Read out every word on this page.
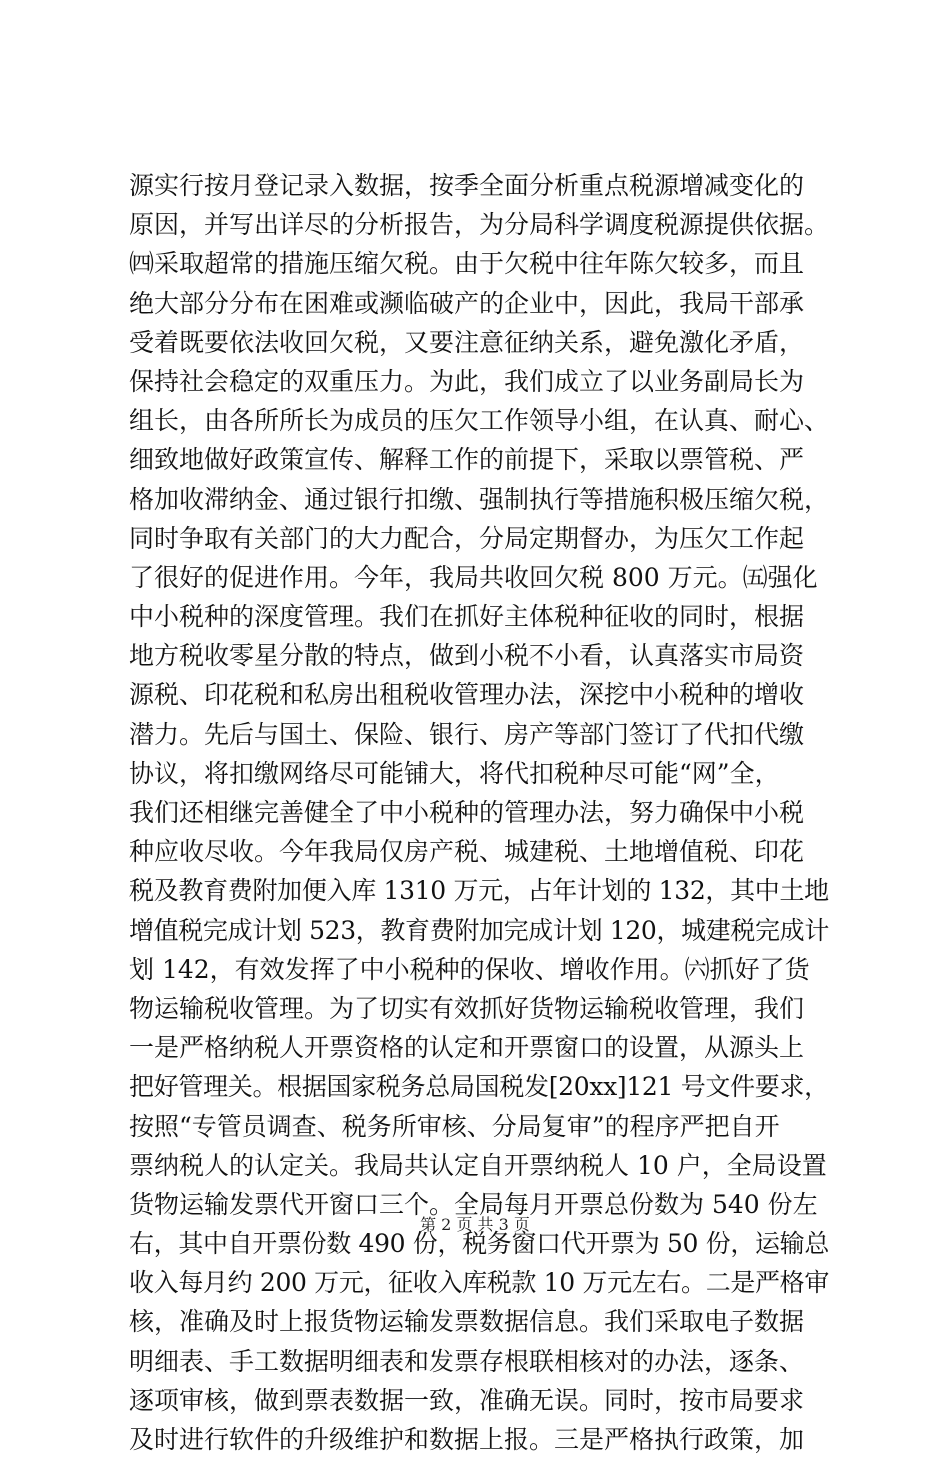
源实行按月登记录入数据，按季全面分析重点税源增减变化的
原因，并写出详尽的分析报告，为分局科学调度税源提供依据。
㈣采取超常的措施压缩欠税。由于欠税中往年陈欠较多，而且
绝大部分分布在困难或濒临破产的企业中，因此，我局干部承
受着既要依法收回欠税，又要注意征纳关系，避免激化矛盾，
保持社会稳定的双重压力。为此，我们成立了以业务副局长为
组长，由各所所长为成员的压欠工作领导小组，在认真、耐心、
细致地做好政策宣传、解释工作的前提下，采取以票管税、严
格加收滞纳金、通过银行扣缴、强制执行等措施积极压缩欠税，
同时争取有关部门的大力配合，分局定期督办，为压欠工作起
了很好的促进作用。今年，我局共收回欠税 800 万元。㈤强化
中小税种的深度管理。我们在抓好主体税种征收的同时，根据
地方税收零星分散的特点，做到小税不小看，认真落实市局资
源税、印花税和私房出租税收管理办法，深挖中小税种的增收
潜力。先后与国土、保险、银行、房产等部门签订了代扣代缴
协议，将扣缴网络尽可能铺大，将代扣税种尽可能“网”全，
我们还相继完善健全了中小税种的管理办法，努力确保中小税
种应收尽收。今年我局仅房产税、城建税、土地增值税、印花
税及教育费附加便入库 1310 万元，占年计划的 132，其中土地
增值税完成计划 523，教育费附加完成计划 120，城建税完成计
划 142，有效发挥了中小税种的保收、增收作用。㈥抓好了货
物运输税收管理。为了切实有效抓好货物运输税收管理，我们
一是严格纳税人开票资格的认定和开票窗口的设置，从源头上
把好管理关。根据国家税务总局国税发[20xx]121 号文件要求，
按照“专管员调查、税务所审核、分局复审”的程序严把自开
票纳税人的认定关。我局共认定自开票纳税人 10 户，全局设置
货物运输发票代开窗口三个。全局每月开票总份数为 540 份左
右，其中自开票份数 490 份，税务窗口代开票为 50 份，运输总
收入每月约 200 万元，征收入库税款 10 万元左右。二是严格审
核，准确及时上报货物运输发票数据信息。我们采取电子数据
明细表、手工数据明细表和发票存根联相核对的办法，逐条、
逐项审核，做到票表数据一致，准确无误。同时，按市局要求
及时进行软件的升级维护和数据上报。三是严格执行政策，加
第 2 页 共 3 页
